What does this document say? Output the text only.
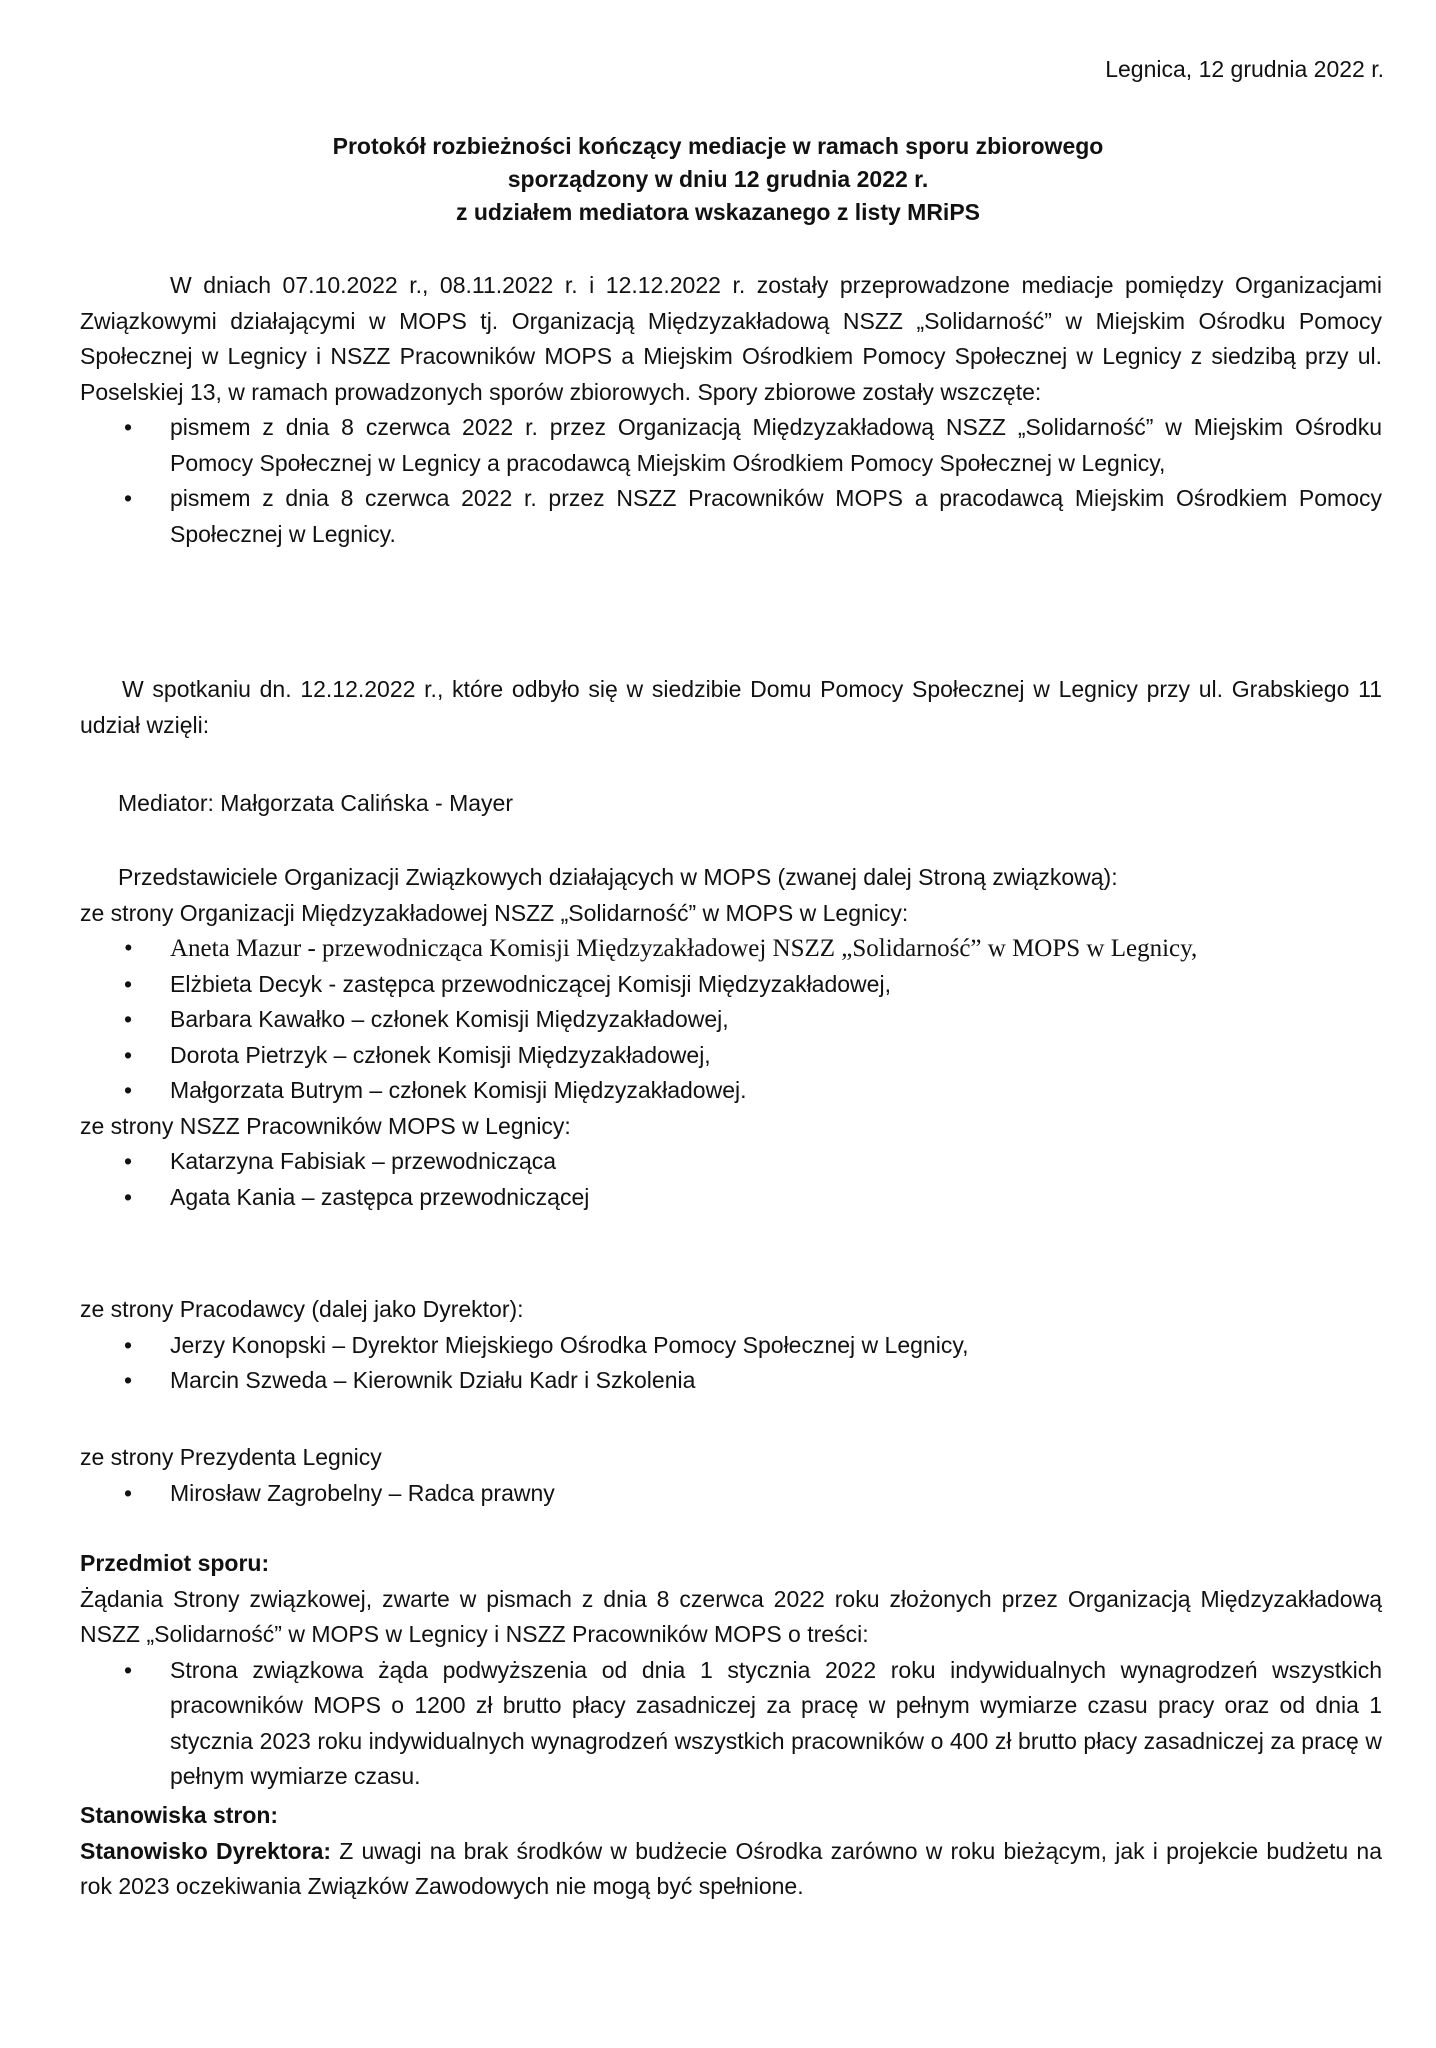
Legnica, 12 grudnia 2022 r.
Protokół rozbieżności kończący mediacje w ramach sporu zbiorowego
sporządzony w dniu 12 grudnia 2022 r.
z udziałem mediatora wskazanego z listy MRiPS
W dniach 07.10.2022 r., 08.11.2022 r. i 12.12.2022 r. zostały przeprowadzone mediacje pomiędzy Organizacjami Związkowymi działającymi w MOPS tj. Organizacją Międzyzakładową NSZZ „Solidarność” w Miejskim Ośrodku Pomocy Społecznej w Legnicy i NSZZ Pracowników MOPS a Miejskim Ośrodkiem Pomocy Społecznej w Legnicy z siedzibą przy ul. Poselskiej 13, w ramach prowadzonych sporów zbiorowych. Spory zbiorowe zostały wszczęte:
• pismem z dnia 8 czerwca 2022 r. przez Organizacją Międzyzakładową NSZZ „Solidarność” w Miejskim Ośrodku Pomocy Społecznej w Legnicy a pracodawcą Miejskim Ośrodkiem Pomocy Społecznej w Legnicy,
• pismem z dnia 8 czerwca 2022 r. przez NSZZ Pracowników MOPS a pracodawcą Miejskim Ośrodkiem Pomocy Społecznej w Legnicy.
W spotkaniu dn. 12.12.2022 r., które odbyło się w siedzibie Domu Pomocy Społecznej w Legnicy przy ul. Grabskiego 11 udział wzięli:
Mediator: Małgorzata Calińska - Mayer
Przedstawiciele Organizacji Związkowych działających w MOPS (zwanej dalej Stroną związkową):
ze strony Organizacji Międzyzakładowej NSZZ „Solidarność” w MOPS w Legnicy:
• Aneta Mazur - przewodnicząca Komisji Międzyzakładowej NSZZ „Solidarność” w MOPS w Legnicy,
• Elżbieta Decyk - zastępca przewodniczącej Komisji Międzyzakładowej,
• Barbara Kawałko – członek Komisji Międzyzakładowej,
• Dorota Pietrzyk – członek Komisji Międzyzakładowej,
• Małgorzata Butrym – członek Komisji Międzyzakładowej.
ze strony NSZZ Pracowników MOPS w Legnicy:
• Katarzyna Fabisiak – przewodnicząca
• Agata Kania – zastępca przewodniczącej
ze strony Pracodawcy (dalej jako Dyrektor):
• Jerzy Konopski – Dyrektor Miejskiego Ośrodka Pomocy Społecznej w Legnicy,
• Marcin Szweda – Kierownik Działu Kadr i Szkolenia
ze strony Prezydenta Legnicy
• Mirosław Zagrobelny – Radca prawny
Przedmiot sporu:
Żądania Strony związkowej, zwarte w pismach z dnia 8 czerwca 2022 roku złożonych przez Organizacją Międzyzakładową NSZZ „Solidarność” w MOPS w Legnicy i NSZZ Pracowników MOPS o treści:
• Strona związkowa żąda podwyższenia od dnia 1 stycznia 2022 roku indywidualnych wynagrodzeń wszystkich pracowników MOPS o 1200 zł brutto płacy zasadniczej za pracę w pełnym wymiarze czasu pracy oraz od dnia 1 stycznia 2023 roku indywidualnych wynagrodzeń wszystkich pracowników o 400 zł brutto płacy zasadniczej za pracę w pełnym wymiarze czasu.
Stanowiska stron:
Stanowisko Dyrektora: Z uwagi na brak środków w budżecie Ośrodka zarówno w roku bieżącym, jak i projekcie budżetu na rok 2023 oczekiwania Związków Zawodowych nie mogą być spełnione.
